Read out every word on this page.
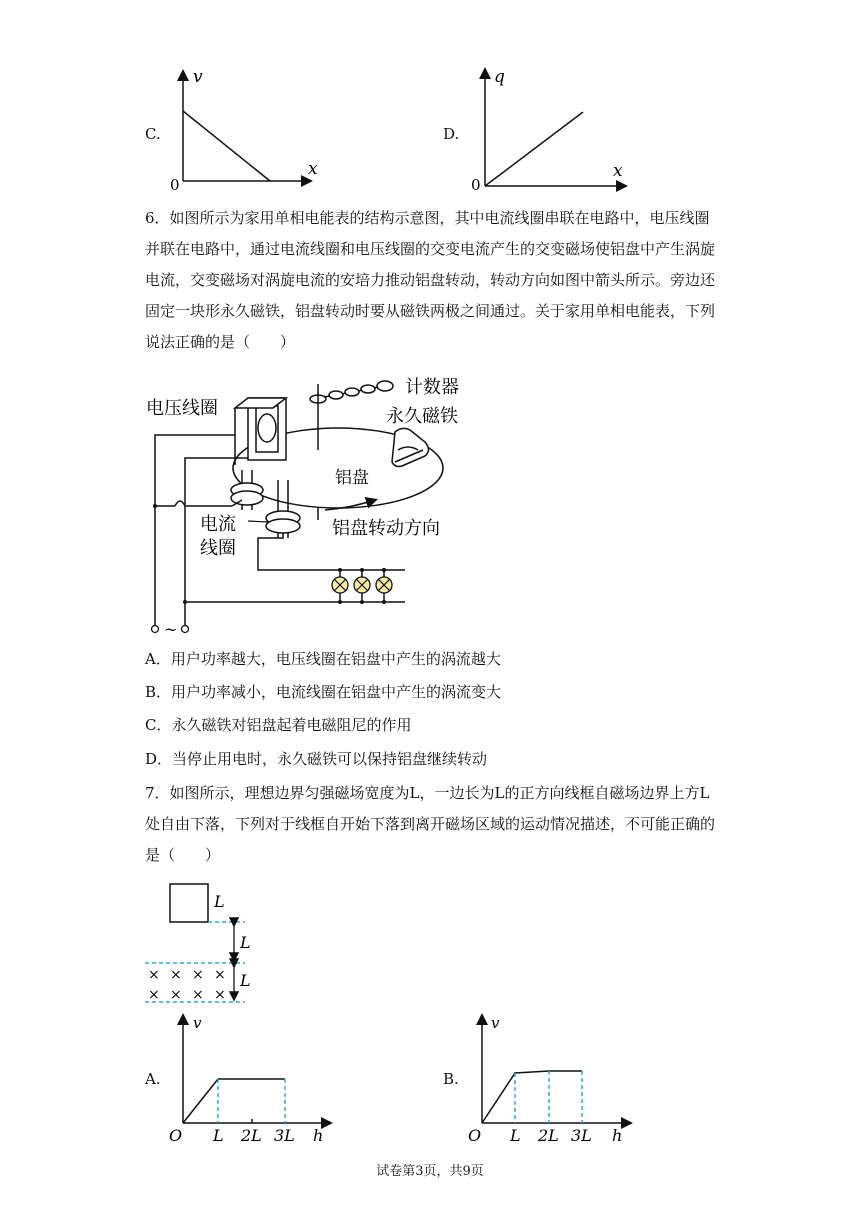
C.
v
x
0
D.
q
x
0
6．如图所示为家用单相电能表的结构示意图，其中电流线圈串联在电路中，电压线圈
并联在电路中，通过电流线圈和电压线圈的交变电流产生的交变磁场使铝盘中产生涡旋
电流，交变磁场对涡旋电流的安培力推动铝盘转动，转动方向如图中箭头所示。旁边还
固定一块形永久磁铁，铝盘转动时要从磁铁两极之间通过。关于家用单相电能表，下列
说法正确的是（　　）
计数器
铝盘
永久磁铁
电压线圈
电流
线圈
铝盘转动方向
~
A．用户功率越大，电压线圈在铝盘中产生的涡流越大
B．用户功率减小，电流线圈在铝盘中产生的涡流变大
C．永久磁铁对铝盘起着电磁阻尼的作用
D．当停止用电时，永久磁铁可以保持铝盘继续转动
7．如图所示，理想边界匀强磁场宽度为L，一边长为L的正方向线框自磁场边界上方L
处自由下落，下列对于线框自开始下落到离开磁场区域的运动情况描述，不可能正确的
是（　　）
L
L
L
× × × ×
× × × ×
A.
v
h
O L 2L 3L
B.
v
h
O L 2L 3L
试卷第3页，共9页
